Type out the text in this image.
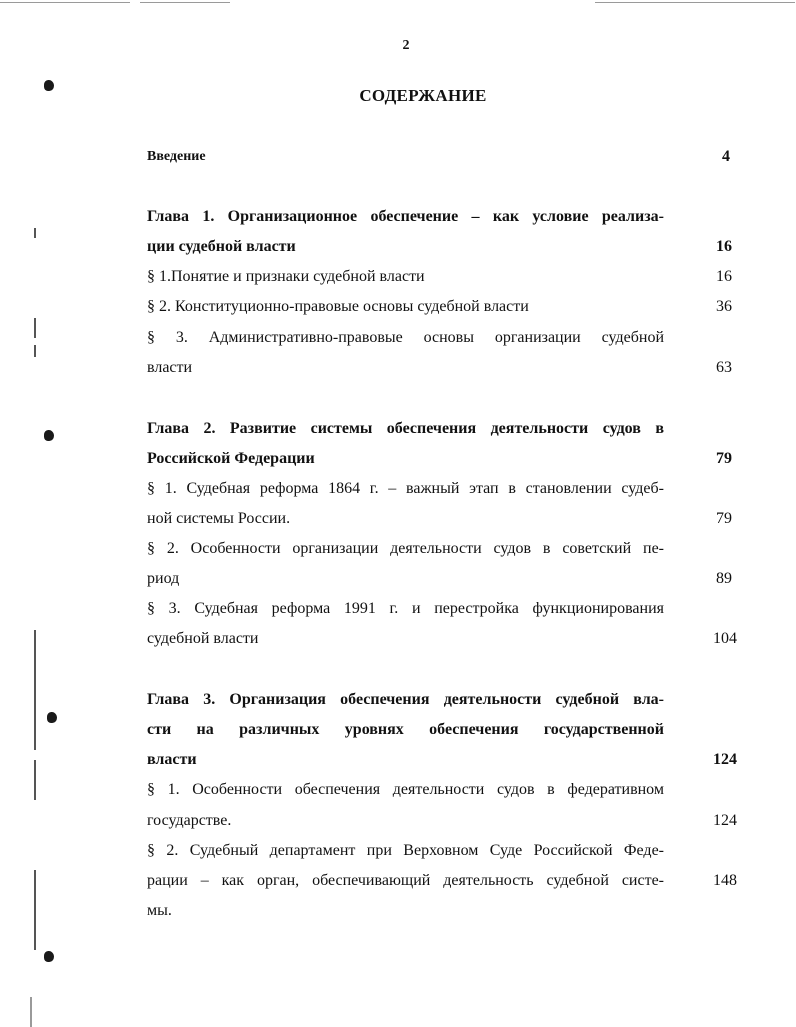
2
СОДЕРЖАНИЕ
Введение	4
Глава 1. Организационное обеспечение – как условие реализа-
ции судебной власти	16
§ 1.Понятие и признаки судебной власти	16
§ 2. Конституционно-правовые основы судебной власти	36
§ 3. Административно-правовые основы организации судебной
власти	63
Глава 2. Развитие системы обеспечения деятельности судов в
Российской Федерации	79
§ 1. Судебная реформа 1864 г. – важный этап в становлении судеб-
ной системы России.	79
§ 2. Особенности организации деятельности судов в советский пе-
риод	89
§ 3. Судебная реформа 1991 г. и перестройка функционирования
судебной власти	104
Глава 3. Организация обеспечения деятельности судебной вла-
сти на различных уровнях обеспечения государственной
власти	124
§ 1. Особенности обеспечения деятельности судов в федеративном
государстве.	124
§ 2. Судебный департамент при Верховном Суде Российской Феде-
рации – как орган, обеспечивающий деятельность судебной систе-	148
мы.
